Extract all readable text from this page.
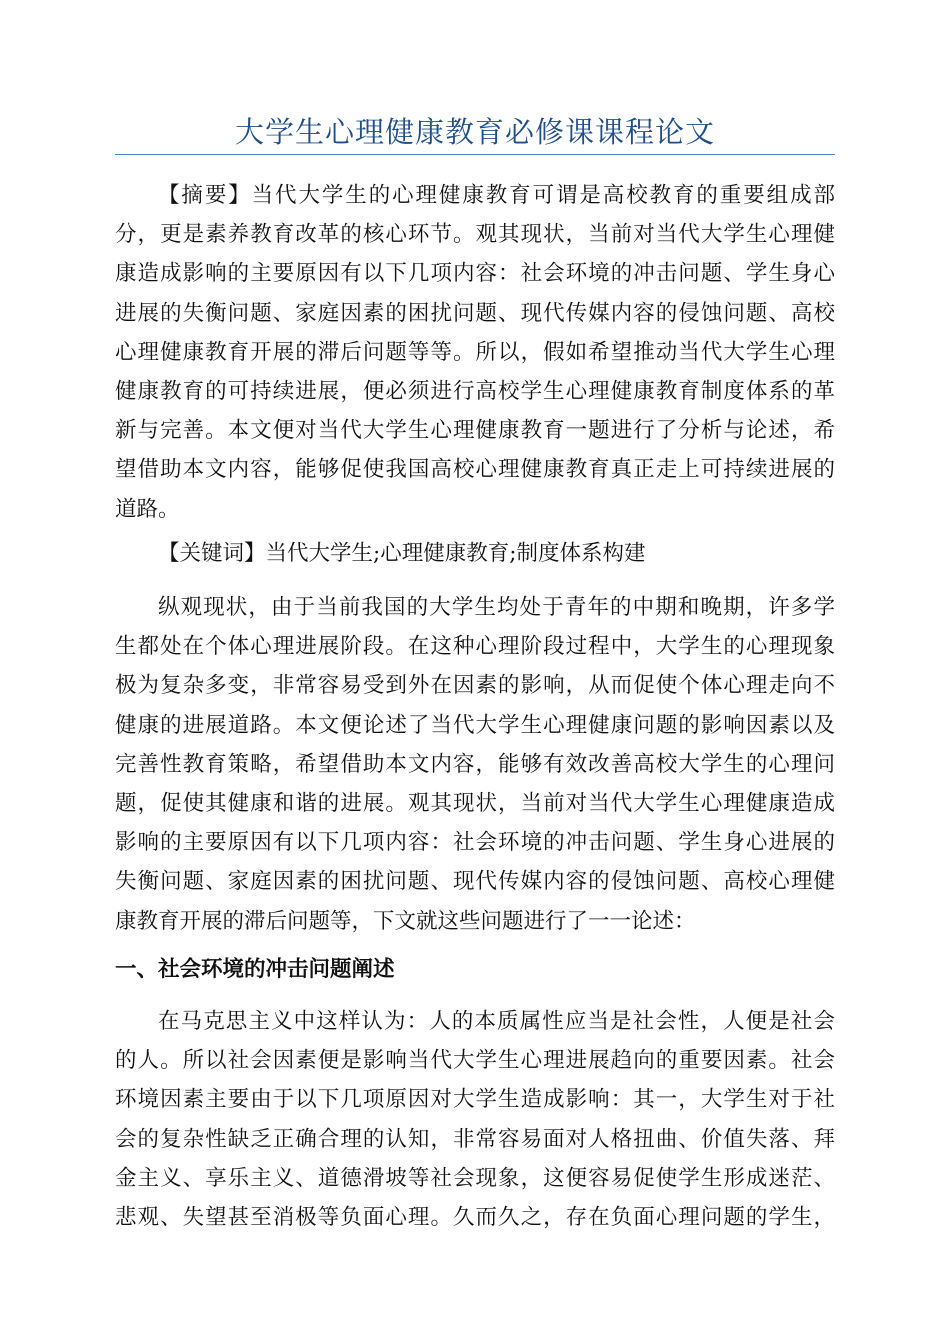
大学生心理健康教育必修课课程论文
【摘要】当代大学生的心理健康教育可谓是高校教育的重要组成部
分，更是素养教育改革的核心环节。观其现状，当前对当代大学生心理健
康造成影响的主要原因有以下几项内容：社会环境的冲击问题、学生身心
进展的失衡问题、家庭因素的困扰问题、现代传媒内容的侵蚀问题、高校
心理健康教育开展的滞后问题等等。所以，假如希望推动当代大学生心理
健康教育的可持续进展，便必须进行高校学生心理健康教育制度体系的革
新与完善。本文便对当代大学生心理健康教育一题进行了分析与论述，希
望借助本文内容，能够促使我国高校心理健康教育真正走上可持续进展的
道路。
【关键词】当代大学生;心理健康教育;制度体系构建
纵观现状，由于当前我国的大学生均处于青年的中期和晚期，许多学
生都处在个体心理进展阶段。在这种心理阶段过程中，大学生的心理现象
极为复杂多变，非常容易受到外在因素的影响，从而促使个体心理走向不
健康的进展道路。本文便论述了当代大学生心理健康问题的影响因素以及
完善性教育策略，希望借助本文内容，能够有效改善高校大学生的心理问
题，促使其健康和谐的进展。观其现状，当前对当代大学生心理健康造成
影响的主要原因有以下几项内容：社会环境的冲击问题、学生身心进展的
失衡问题、家庭因素的困扰问题、现代传媒内容的侵蚀问题、高校心理健
康教育开展的滞后问题等，下文就这些问题进行了一一论述：
一、社会环境的冲击问题阐述
在马克思主义中这样认为：人的本质属性应当是社会性，人便是社会
的人。所以社会因素便是影响当代大学生心理进展趋向的重要因素。社会
环境因素主要由于以下几项原因对大学生造成影响：其一，大学生对于社
会的复杂性缺乏正确合理的认知，非常容易面对人格扭曲、价值失落、拜
金主义、享乐主义、道德滑坡等社会现象，这便容易促使学生形成迷茫、
悲观、失望甚至消极等负面心理。久而久之，存在负面心理问题的学生，
